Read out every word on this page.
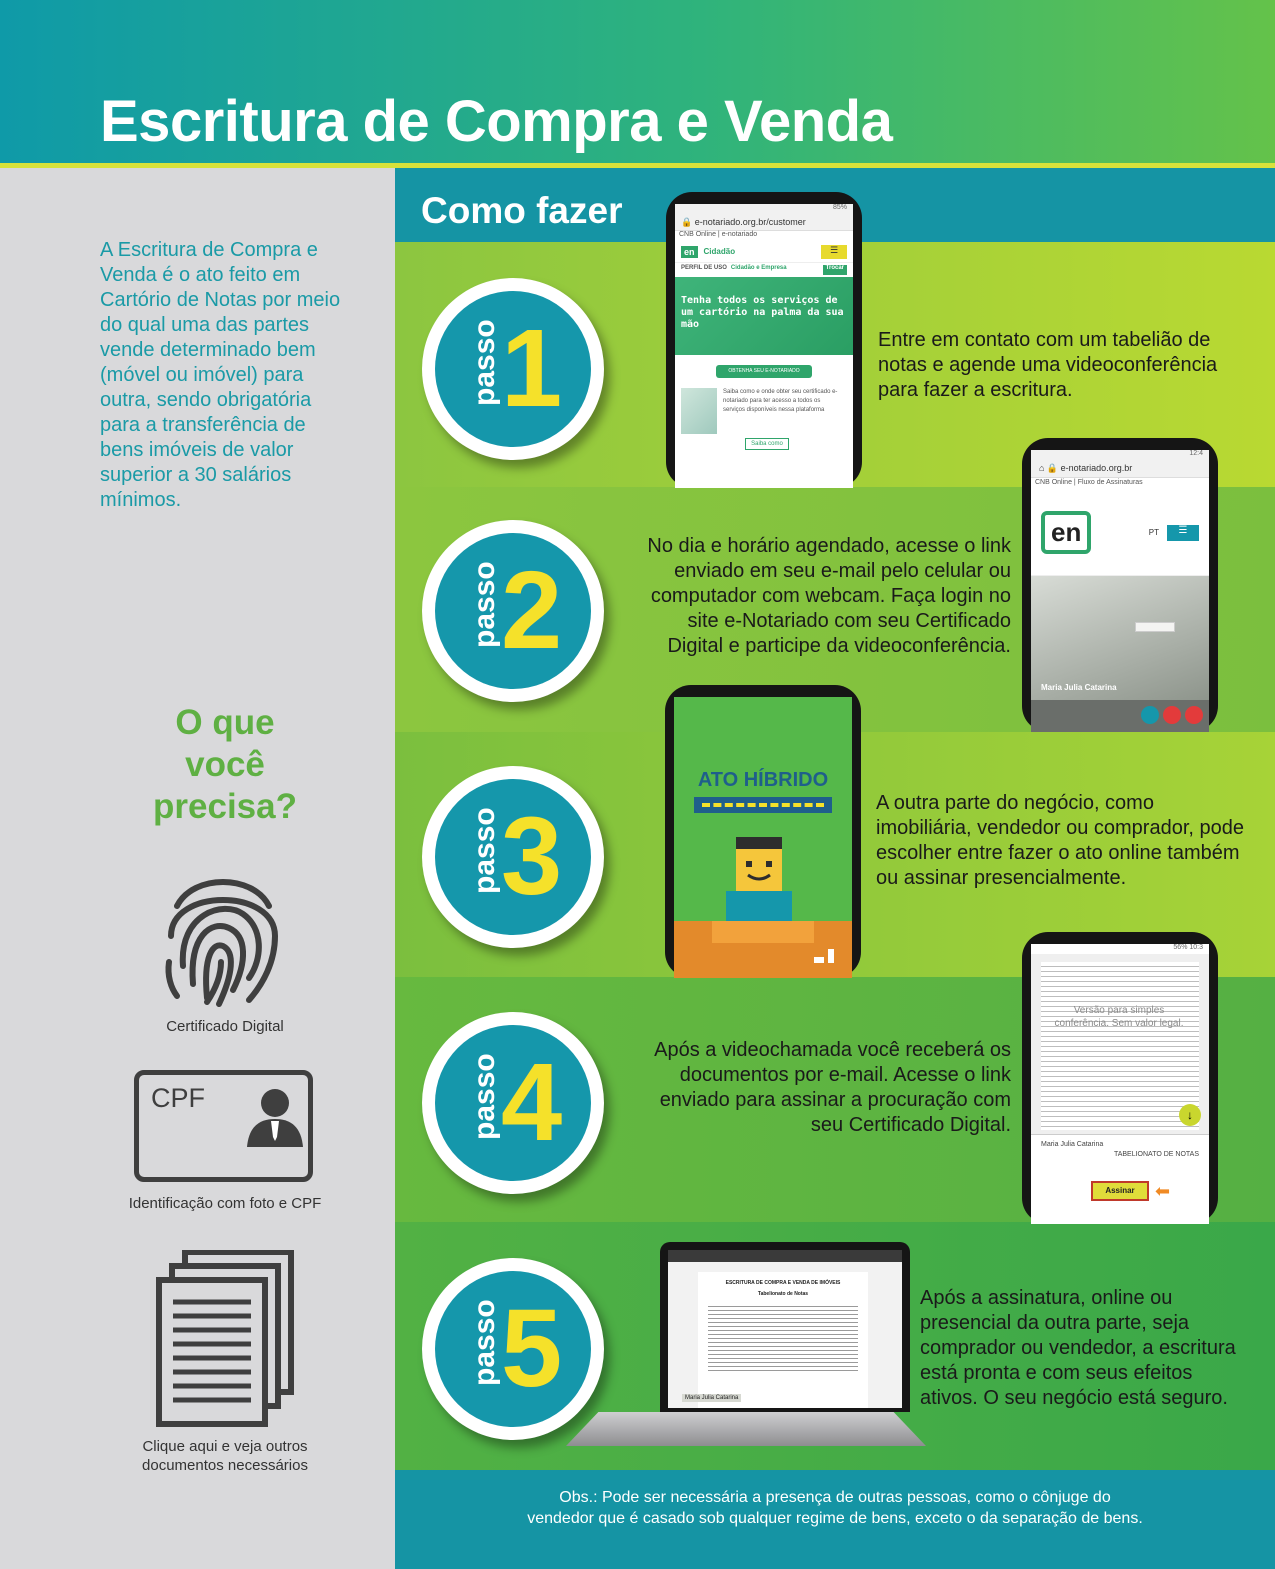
Escritura de Compra e Venda

A Escritura de Compra e Venda é o ato feito em Cartório de Notas por meio do qual uma das partes vende determinado bem (móvel ou imóvel) para outra, sendo obrigatória para a transferência de bens imóveis de valor superior a 30 salários mínimos.

O que
você
precisa?
Certificado Digital
CPF
Identificação com foto e CPF
Clique aqui e veja outros documentos necessários
Como fazer
passo 1
passo 2
passo 3
passo 4
passo 5

Entre em contato com um tabelião de notas e agende uma videoconferência para fazer a escritura.

No dia e horário agendado, acesse o link enviado em seu e-mail pelo celular ou computador com webcam. Faça login no site e-Notariado com seu Certificado Digital e participe da videoconferência.

A outra parte do negócio, como imobiliária, vendedor ou comprador, pode escolher entre fazer o ato online também ou assinar presencialmente.

Após a videochamada você receberá os documentos por e-mail. Acesse o link enviado para assinar a procuração com seu Certificado Digital.

Após a assinatura, online ou presencial da outra parte, seja comprador ou vendedor, a escritura está pronta e com seus efeitos ativos. O seu negócio está seguro.

85%
🔒 e-notariado.org.br/customer
CNB Online | e-notariado
en	Cidadão	☰
PERFIL DE USO Cidadão e Empresa	Trocar
Tenha todos os serviços de um cartório na palma da sua mão
OBTENHA SEU E-NOTARIADO
Saiba como e onde obter seu certificado e-notariado para ter acesso a todos os serviços disponíveis nessa plataforma
Saiba como
12:4
⌂ 🔒 e-notariado.org.br
CNB Online | Fluxo de Assinaturas
en	PT	☰
Maria Julia Catarina
ATO HÍBRIDO
56% 10:3
Versão para simples conferência. Sem valor legal.
↓
Maria Julia Catarina
TABELIONATO DE NOTAS
Assinar	⬅
ESCRITURA DE COMPRA E VENDA DE IMÓVEIS
Tabelionato de Notas
Maria Julia Catarina
Obs.: Pode ser necessária a presença de outras pessoas, como o cônjuge do
vendedor que é casado sob qualquer regime de bens, exceto o da separação de bens.
